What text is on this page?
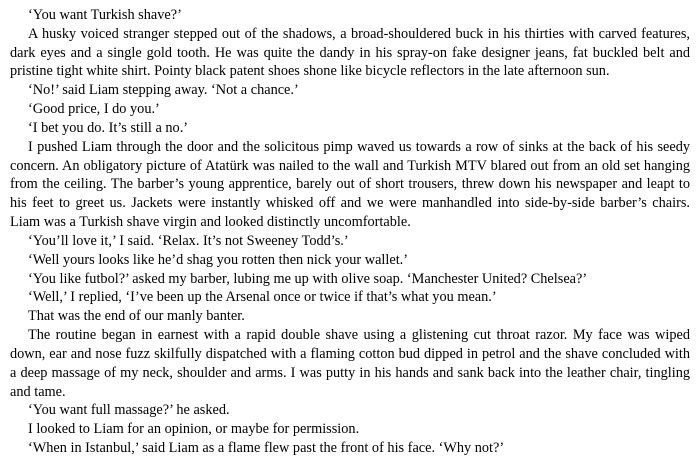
‘You want Turkish shave?’

A husky voiced stranger stepped out of the shadows, a broad-shouldered buck in his thirties with carved features, dark eyes and a single gold tooth. He was quite the dandy in his spray-on fake designer jeans, fat buckled belt and pristine tight white shirt. Pointy black patent shoes shone like bicycle reflectors in the late afternoon sun.

‘No!’ said Liam stepping away. ‘Not a chance.’

‘Good price, I do you.’

‘I bet you do. It’s still a no.’

I pushed Liam through the door and the solicitous pimp waved us towards a row of sinks at the back of his seedy concern. An obligatory picture of Atatürk was nailed to the wall and Turkish MTV blared out from an old set hanging from the ceiling. The barber’s young apprentice, barely out of short trousers, threw down his newspaper and leapt to his feet to greet us. Jackets were instantly whisked off and we were manhandled into side-by-side barber’s chairs. Liam was a Turkish shave virgin and looked distinctly uncomfortable.

‘You’ll love it,’ I said. ‘Relax. It’s not Sweeney Todd’s.’

‘Well yours looks like he’d shag you rotten then nick your wallet.’

‘You like futbol?’ asked my barber, lubing me up with olive soap. ‘Manchester United? Chelsea?’

‘Well,’ I replied, ‘I’ve been up the Arsenal once or twice if that’s what you mean.’

That was the end of our manly banter.

The routine began in earnest with a rapid double shave using a glistening cut throat razor. My face was wiped down, ear and nose fuzz skilfully dispatched with a flaming cotton bud dipped in petrol and the shave concluded with a deep massage of my neck, shoulder and arms. I was putty in his hands and sank back into the leather chair, tingling and tame.

‘You want full massage?’ he asked.

I looked to Liam for an opinion, or maybe for permission.

‘When in Istanbul,’ said Liam as a flame flew past the front of his face. ‘Why not?’
